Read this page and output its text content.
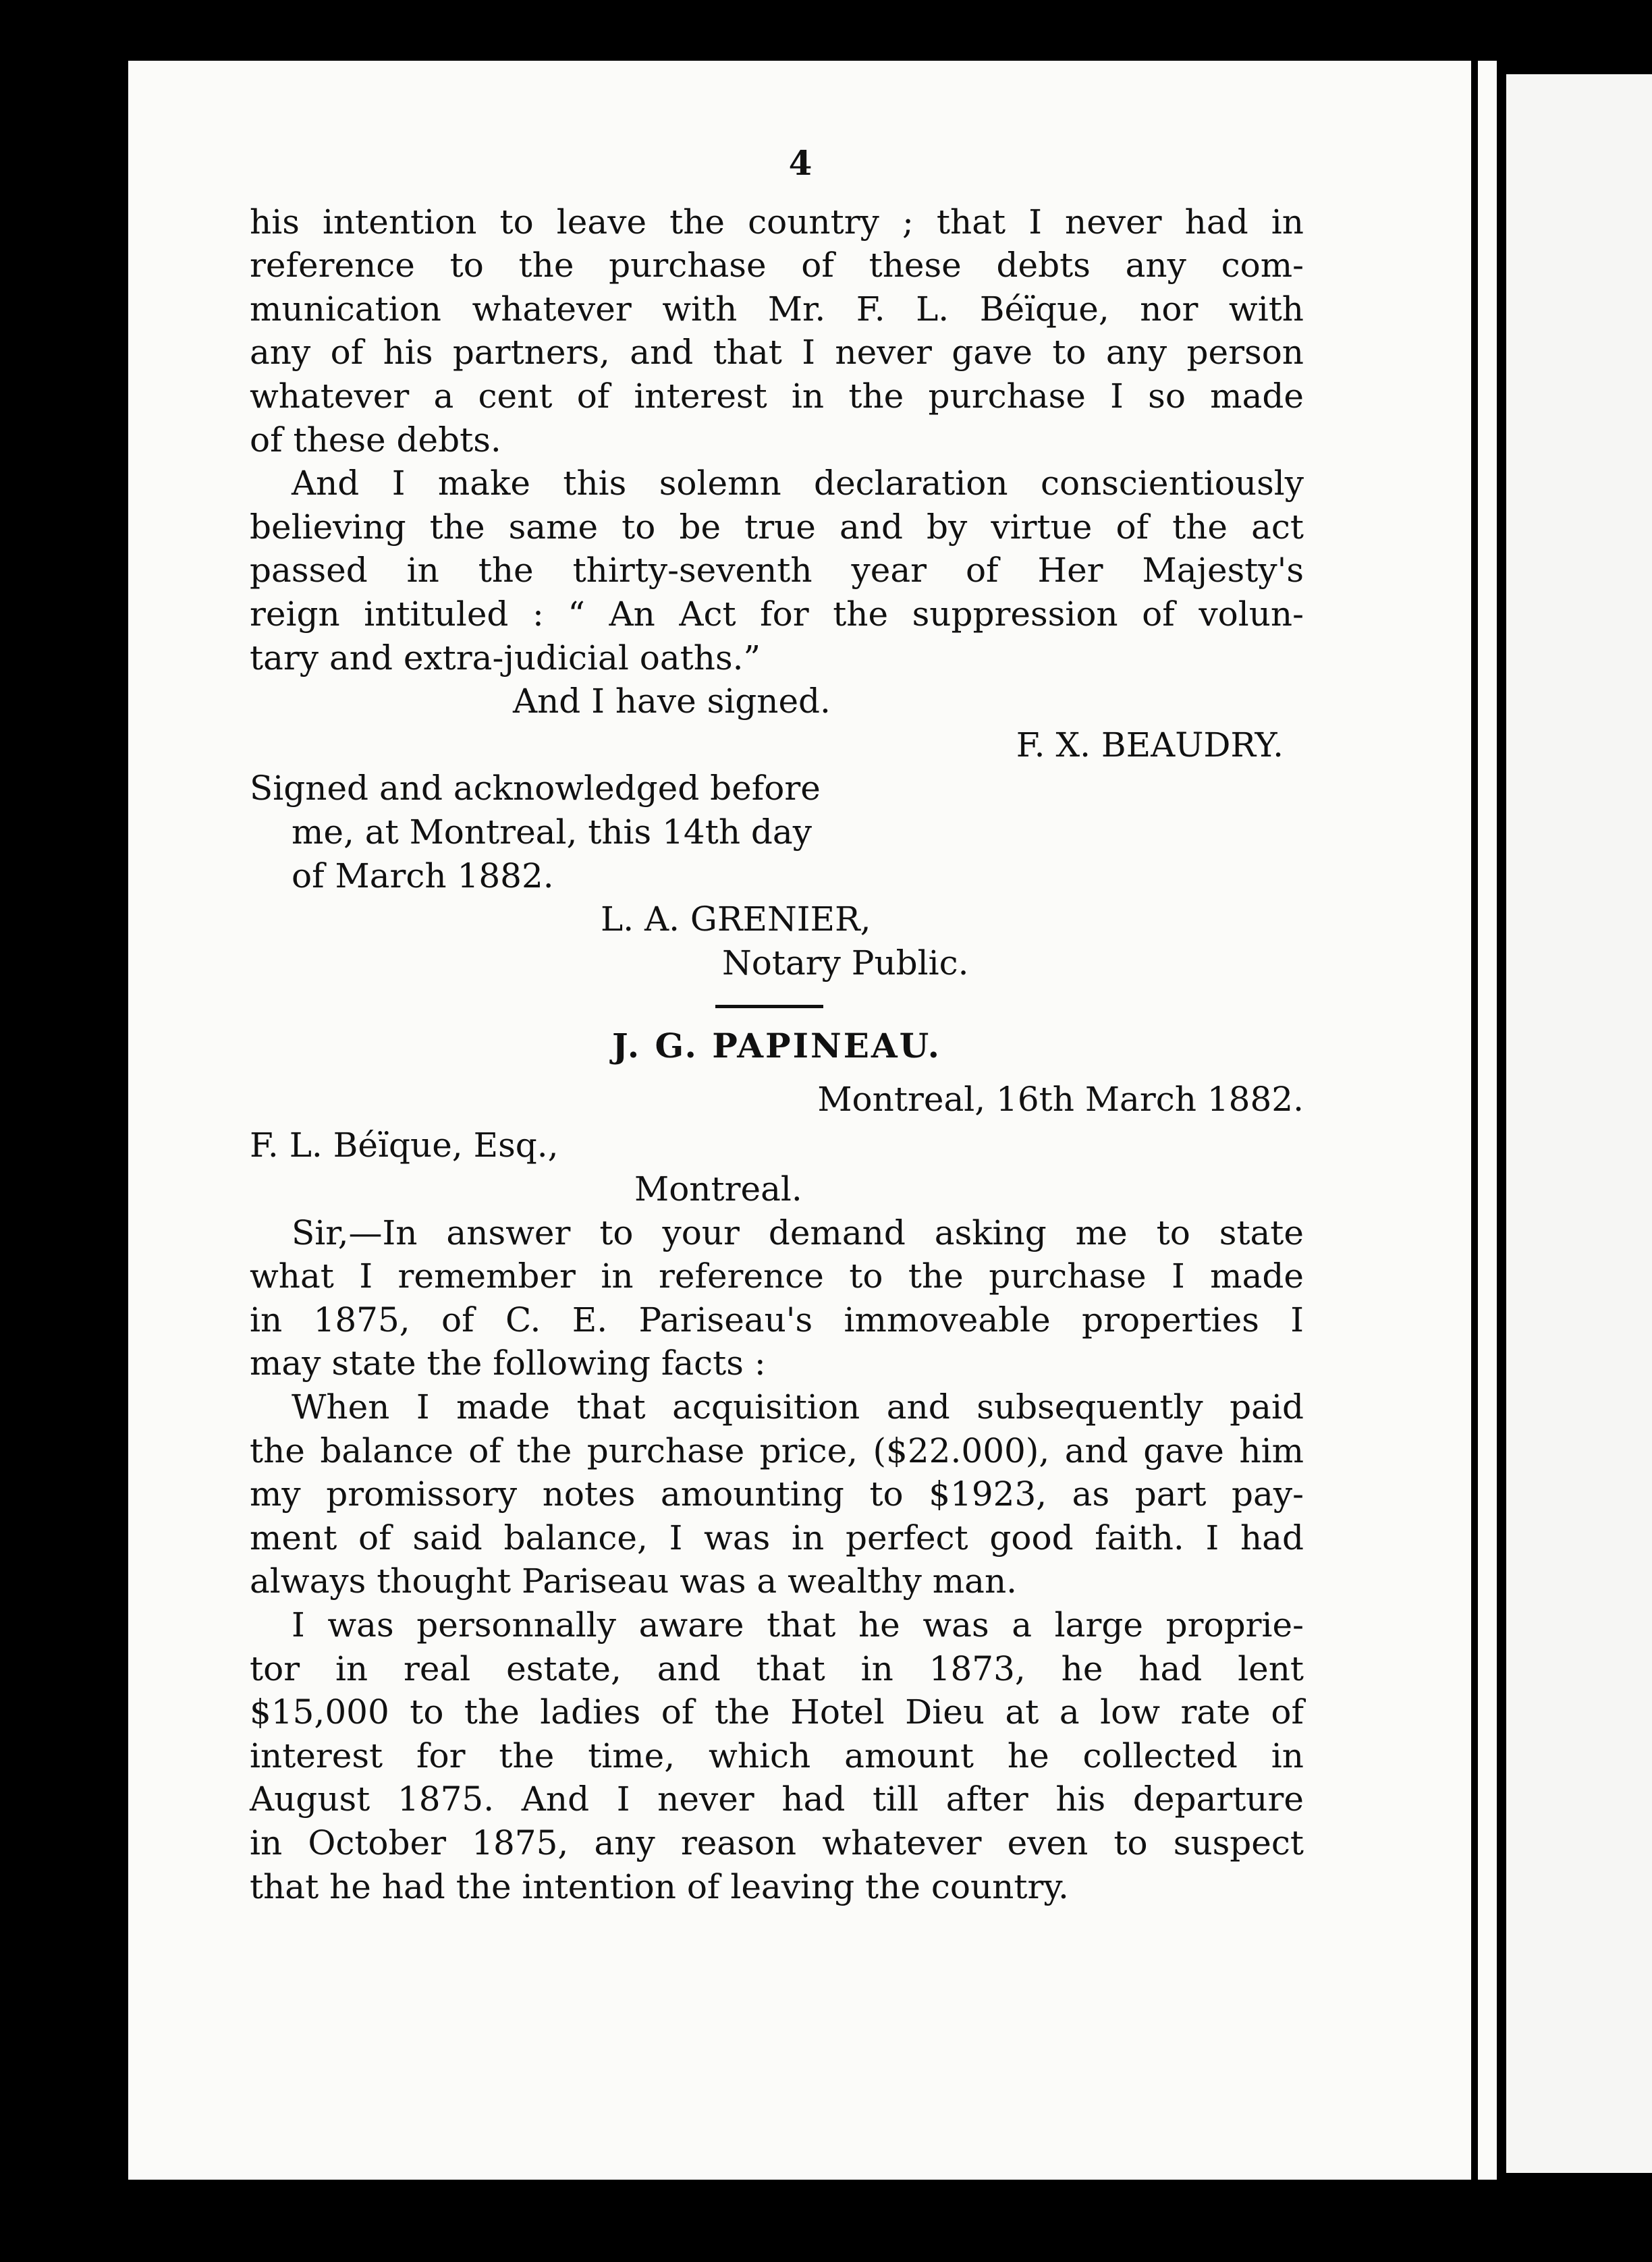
4
his intention to leave the country ; that I never had in
reference to the purchase of these debts any com-
munication whatever with Mr. F. L. Béïque, nor with
any of his partners, and that I never gave to any person
whatever a cent of interest in the purchase I so made
of these debts.
And I make this solemn declaration conscientiously
believing the same to be true and by virtue of the act
passed in the thirty-seventh year of Her Majesty's
reign intituled : “ An Act for the suppression of volun-
tary and extra-judicial oaths.”
And I have signed.
F. X. BEAUDRY.
Signed and acknowledged before
me, at Montreal, this 14th day
of March 1882.
L. A. GRENIER,
Notary Public.
J. G. PAPINEAU.
Montreal, 16th March 1882.
F. L. Béïque, Esq.,
Montreal.
Sir,—In answer to your demand asking me to state
what I remember in reference to the purchase I made
in 1875, of C. E. Pariseau's immoveable properties I
may state the following facts :
When I made that acquisition and subsequently paid
the balance of the purchase price, ($22.000), and gave him
my promissory notes amounting to $1923, as part pay-
ment of said balance, I was in perfect good faith. I had
always thought Pariseau was a wealthy man.
I was personnally aware that he was a large proprie-
tor in real estate, and that in 1873, he had lent
$15,000 to the ladies of the Hotel Dieu at a low rate of
interest for the time, which amount he collected in
August 1875. And I never had till after his departure
in October 1875, any reason whatever even to suspect
that he had the intention of leaving the country.
